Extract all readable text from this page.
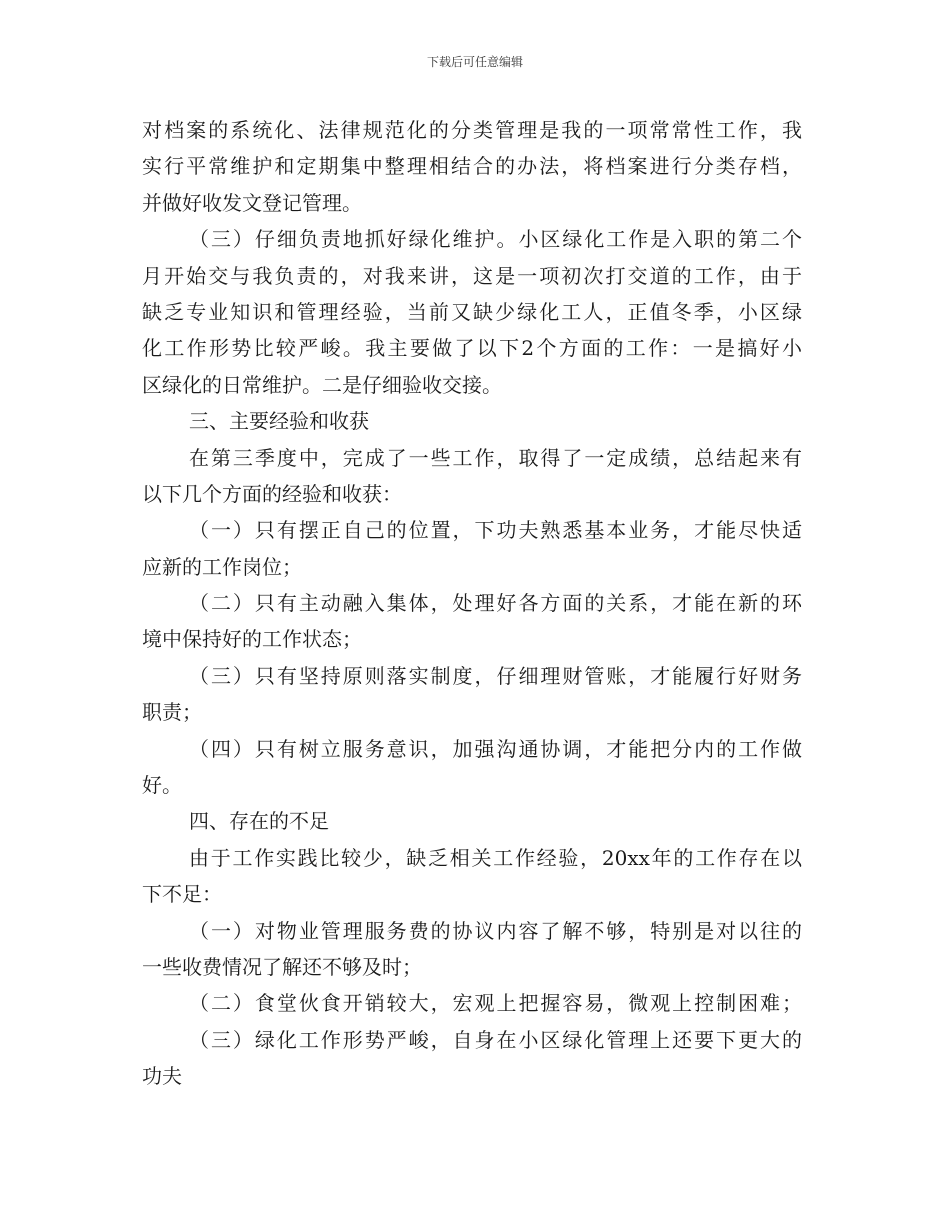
下载后可任意编辑
对档案的系统化、法律规范化的分类管理是我的一项常常性工作，我
实行平常维护和定期集中整理相结合的办法，将档案进行分类存档，
并做好收发文登记管理。
（三）仔细负责地抓好绿化维护。小区绿化工作是入职的第二个
月开始交与我负责的，对我来讲，这是一项初次打交道的工作，由于
缺乏专业知识和管理经验，当前又缺少绿化工人，正值冬季，小区绿
化工作形势比较严峻。我主要做了以下2个方面的工作：一是搞好小
区绿化的日常维护。二是仔细验收交接。
三、主要经验和收获
在第三季度中，完成了一些工作，取得了一定成绩，总结起来有
以下几个方面的经验和收获：
（一）只有摆正自己的位置，下功夫熟悉基本业务，才能尽快适
应新的工作岗位；
（二）只有主动融入集体，处理好各方面的关系，才能在新的环
境中保持好的工作状态；
（三）只有坚持原则落实制度，仔细理财管账，才能履行好财务
职责；
（四）只有树立服务意识，加强沟通协调，才能把分内的工作做
好。
四、存在的不足
由于工作实践比较少，缺乏相关工作经验，20xx年的工作存在以
下不足：
（一）对物业管理服务费的协议内容了解不够，特别是对以往的
一些收费情况了解还不够及时；
（二）食堂伙食开销较大，宏观上把握容易，微观上控制困难；
（三）绿化工作形势严峻，自身在小区绿化管理上还要下更大的
功夫
